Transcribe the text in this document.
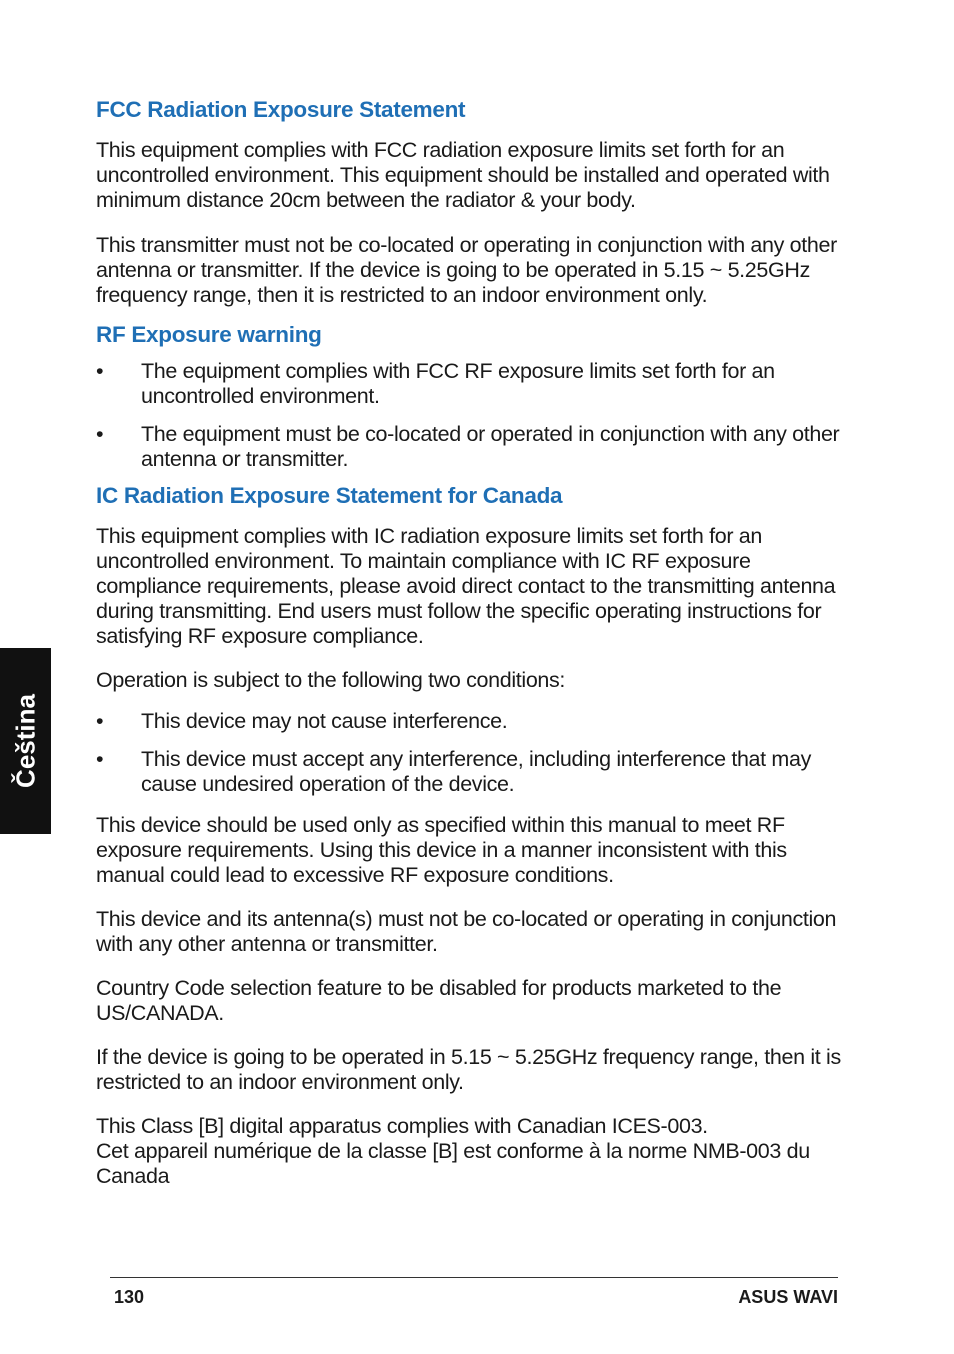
Čeština
FCC Radiation Exposure Statement

This equipment complies with FCC radiation exposure limits set forth for an uncontrolled environment. This equipment should be installed and operated with minimum distance 20cm between the radiator & your body.

This transmitter must not be co-located or operating in conjunction with any other antenna or transmitter. If the device is going to be operated in 5.15 ~ 5.25GHz frequency range, then it is restricted to an indoor environment only.

RF Exposure warning
• The equipment complies with FCC RF exposure limits set forth for an uncontrolled environment.
• The equipment must be co-located or operated in conjunction with any other antenna or transmitter.
IC Radiation Exposure Statement for Canada

This equipment complies with IC radiation exposure limits set forth for an uncontrolled environment. To maintain compliance with IC RF exposure compliance requirements, please avoid direct contact to the transmitting antenna during transmitting. End users must follow the specific operating instructions for satisfying RF exposure compliance.

Operation is subject to the following two conditions:

• This device may not cause interference.
• This device must accept any interference, including interference that may cause undesired operation of the device.

This device should be used only as specified within this manual to meet RF exposure requirements. Using this device in a manner inconsistent with this manual could lead to excessive RF exposure conditions.

This device and its antenna(s) must not be co-located or operating in conjunction with any other antenna or transmitter.

Country Code selection feature to be disabled for products marketed to the US/CANADA.

If the device is going to be operated in 5.15 ~ 5.25GHz frequency range, then it is restricted to an indoor environment only.

This Class [B] digital apparatus complies with Canadian ICES-003.

Cet appareil numérique de la classe [B] est conforme à la norme NMB-003 du Canada

130	ASUS WAVI
